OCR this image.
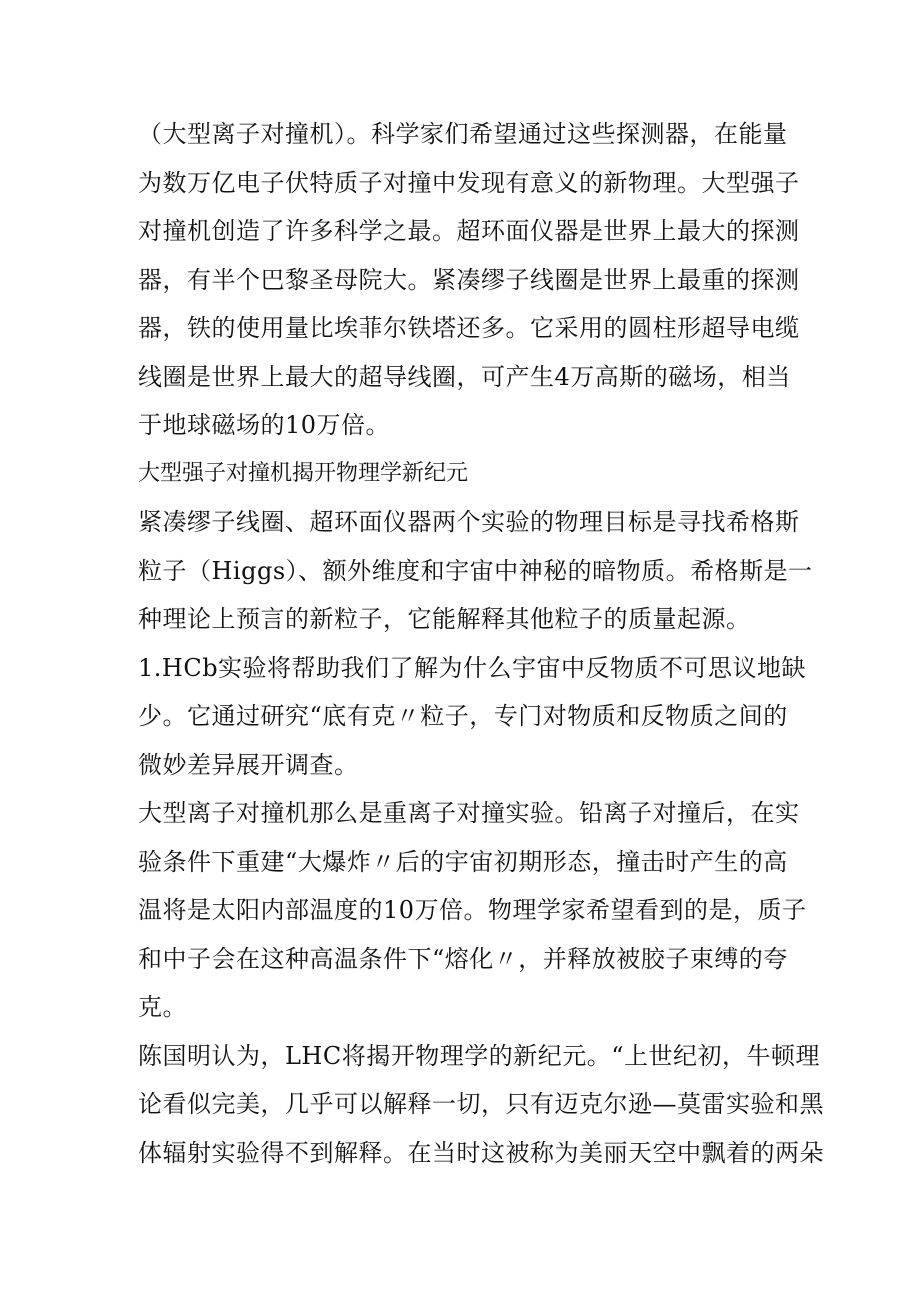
（大型离子对撞机）。科学家们希望通过这些探测器，在能量

为数万亿电子伏特质子对撞中发现有意义的新物理。大型强子

对撞机创造了许多科学之最。超环面仪器是世界上最大的探测

器，有半个巴黎圣母院大。紧凑缪子线圈是世界上最重的探测

器，铁的使用量比埃菲尔铁塔还多。它采用的圆柱形超导电缆

线圈是世界上最大的超导线圈，可产生4万高斯的磁场，相当

于地球磁场的10万倍。

大型强子对撞机揭开物理学新纪元

紧凑缪子线圈、超环面仪器两个实验的物理目标是寻找希格斯

粒子（Higgs）、额外维度和宇宙中神秘的暗物质。希格斯是一

种理论上预言的新粒子，它能解释其他粒子的质量起源。

1.HCb实验将帮助我们了解为什么宇宙中反物质不可思议地缺

少。它通过研究“底有克〃粒子，专门对物质和反物质之间的

微妙差异展开调查。

大型离子对撞机那么是重离子对撞实验。铅离子对撞后，在实

验条件下重建“大爆炸〃后的宇宙初期形态，撞击时产生的高

温将是太阳内部温度的10万倍。物理学家希望看到的是，质子

和中子会在这种高温条件下“熔化〃，并释放被胶子束缚的夸

克。

陈国明认为，LHC将揭开物理学的新纪元。“上世纪初，牛顿理

论看似完美，几乎可以解释一切，只有迈克尔逊—莫雷实验和黑

体辐射实验得不到解释。在当时这被称为美丽天空中飘着的两朵
